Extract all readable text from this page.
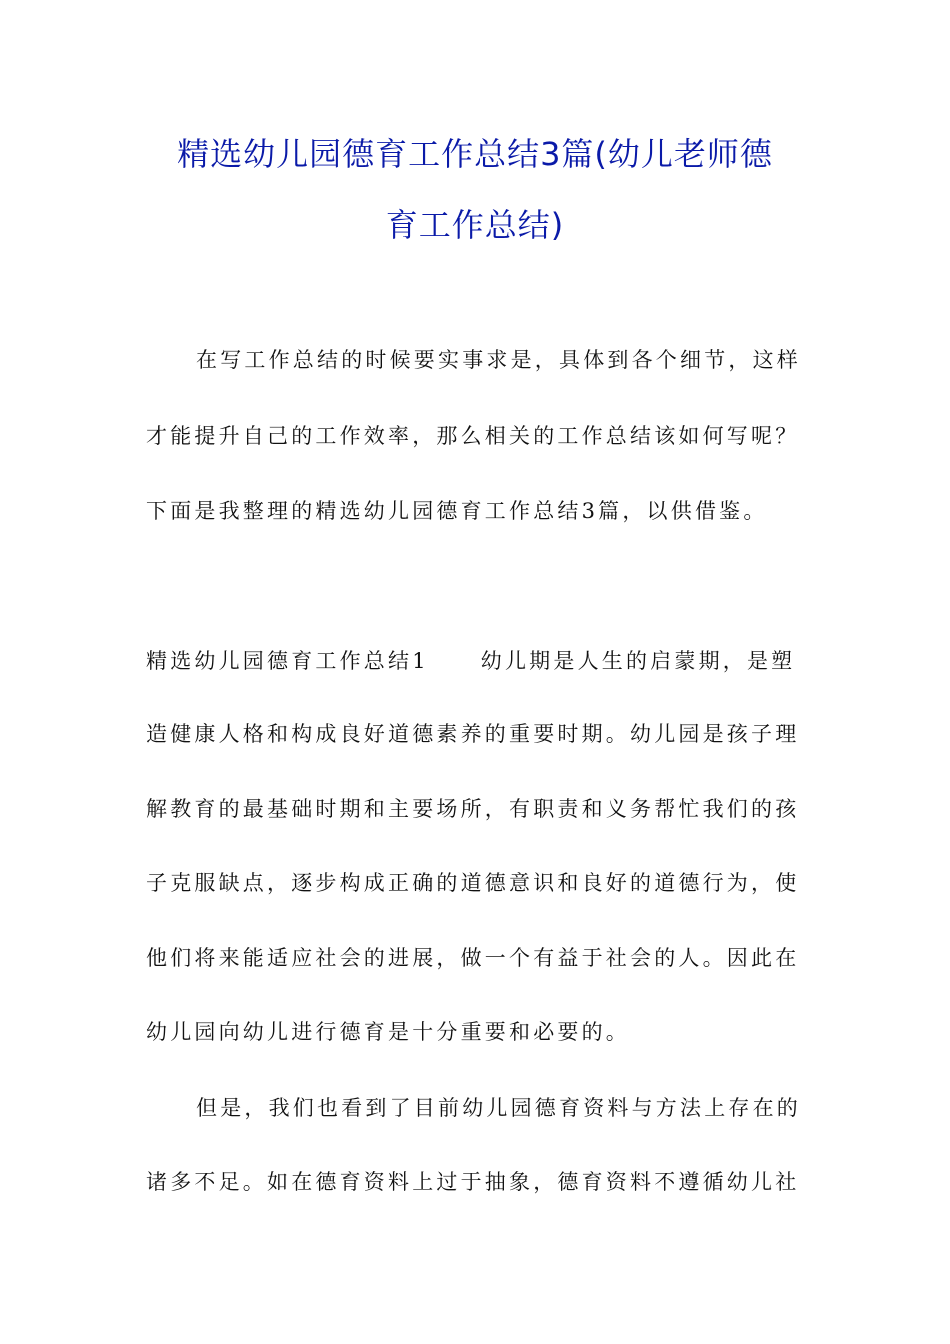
精选幼儿园德育工作总结3篇(幼儿老师德
育工作总结)
在写工作总结的时候要实事求是，具体到各个细节，这样
才能提升自己的工作效率，那么相关的工作总结该如何写呢？
下面是我整理的精选幼儿园德育工作总结3篇，以供借鉴。
精选幼儿园德育工作总结1 幼儿期是人生的启蒙期，是塑
造健康人格和构成良好道德素养的重要时期。幼儿园是孩子理
解教育的最基础时期和主要场所，有职责和义务帮忙我们的孩
子克服缺点，逐步构成正确的道德意识和良好的道德行为，使
他们将来能适应社会的进展，做一个有益于社会的人。因此在
幼儿园向幼儿进行德育是十分重要和必要的。
但是，我们也看到了目前幼儿园德育资料与方法上存在的
诸多不足。如在德育资料上过于抽象，德育资料不遵循幼儿社
